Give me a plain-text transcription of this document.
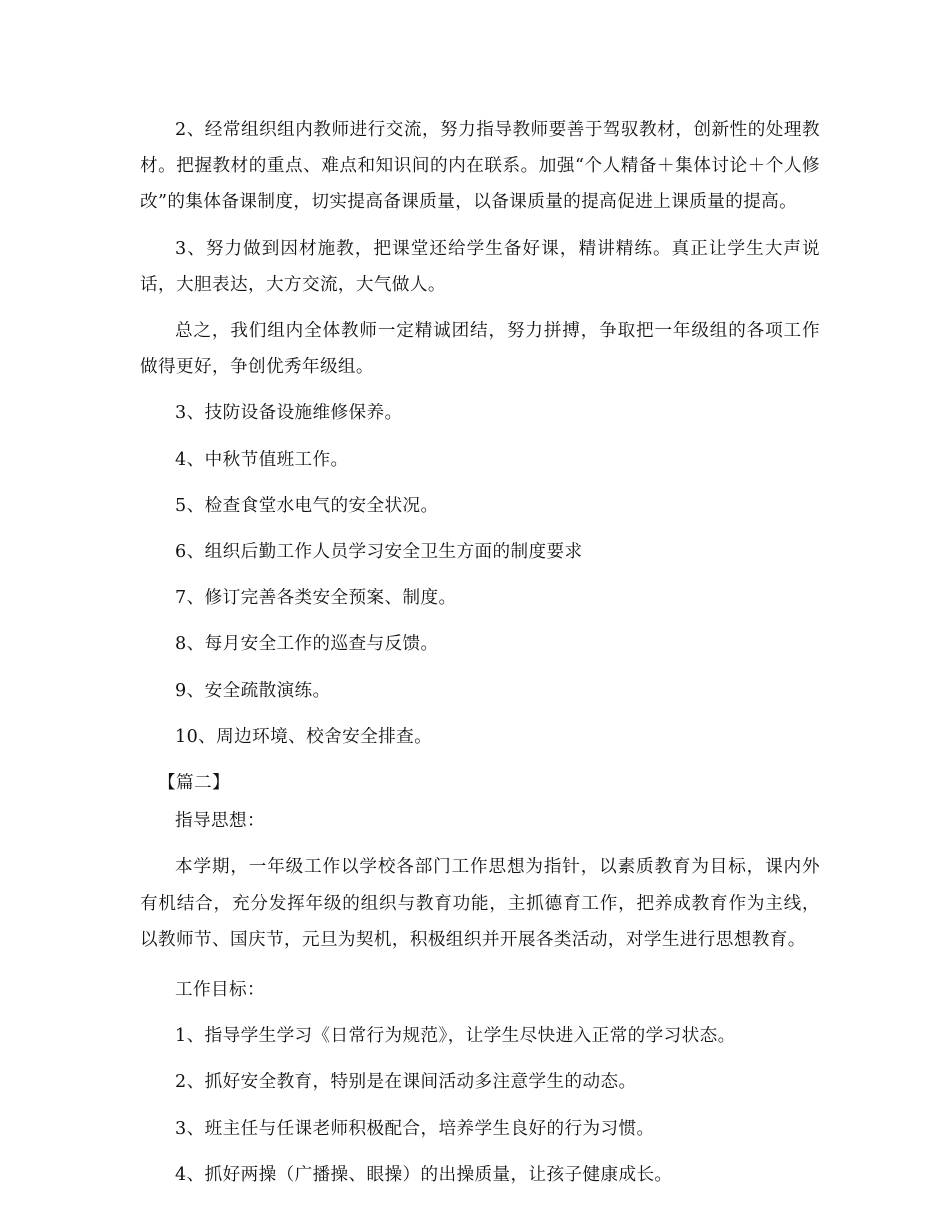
2、经常组织组内教师进行交流，努力指导教师要善于驾驭教材，创新性的处理教材。把握教材的重点、难点和知识间的内在联系。加强“个人精备＋集体讨论＋个人修改”的集体备课制度，切实提高备课质量，以备课质量的提高促进上课质量的提高。

3、努力做到因材施教，把课堂还给学生备好课，精讲精练。真正让学生大声说话，大胆表达，大方交流，大气做人。

总之，我们组内全体教师一定精诚团结，努力拼搏，争取把一年级组的各项工作做得更好，争创优秀年级组。

3、技防设备设施维修保养。

4、中秋节值班工作。

5、检查食堂水电气的安全状况。

6、组织后勤工作人员学习安全卫生方面的制度要求

7、修订完善各类安全预案、制度。

8、每月安全工作的巡查与反馈。

9、安全疏散演练。

10、周边环境、校舍安全排查。

【篇二】

指导思想：

本学期，一年级工作以学校各部门工作思想为指针，以素质教育为目标，课内外有机结合，充分发挥年级的组织与教育功能，主抓德育工作，把养成教育作为主线，以教师节、国庆节，元旦为契机，积极组织并开展各类活动，对学生进行思想教育。

工作目标：

1、指导学生学习《日常行为规范》，让学生尽快进入正常的学习状态。

2、抓好安全教育，特别是在课间活动多注意学生的动态。

3、班主任与任课老师积极配合，培养学生良好的行为习惯。

4、抓好两操（广播操、眼操）的出操质量，让孩子健康成长。
